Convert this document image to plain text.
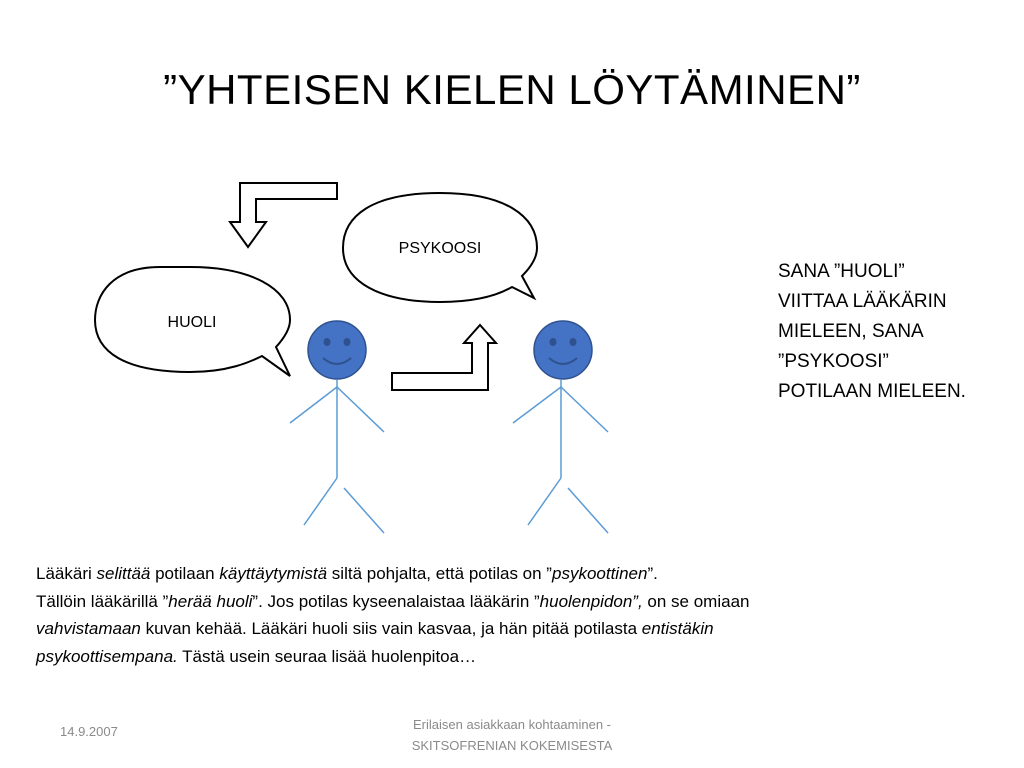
”YHTEISEN KIELEN LÖYTÄMINEN”
HUOLI
PSYKOOSI
SANA ”HUOLI”
VIITTAA LÄÄKÄRIN
MIELEEN, SANA
”PSYKOOSI”
POTILAAN MIELEEN.
Lääkäri selittää potilaan käyttäytymistä siltä pohjalta, että potilas on ”psykoottinen”.
Tällöin lääkärillä ”herää huoli”. Jos potilas kyseenalaistaa lääkärin ”huolenpidon”, on se omiaan
vahvistamaan kuvan kehää. Lääkäri huoli siis vain kasvaa, ja hän pitää potilasta entistäkin
psykoottisempana. Tästä usein seuraa lisää huolenpitoa…
14.9.2007	Erilaisen asiakkaan kohtaaminen -
SKITSOFRENIAN KOKEMISESTA
